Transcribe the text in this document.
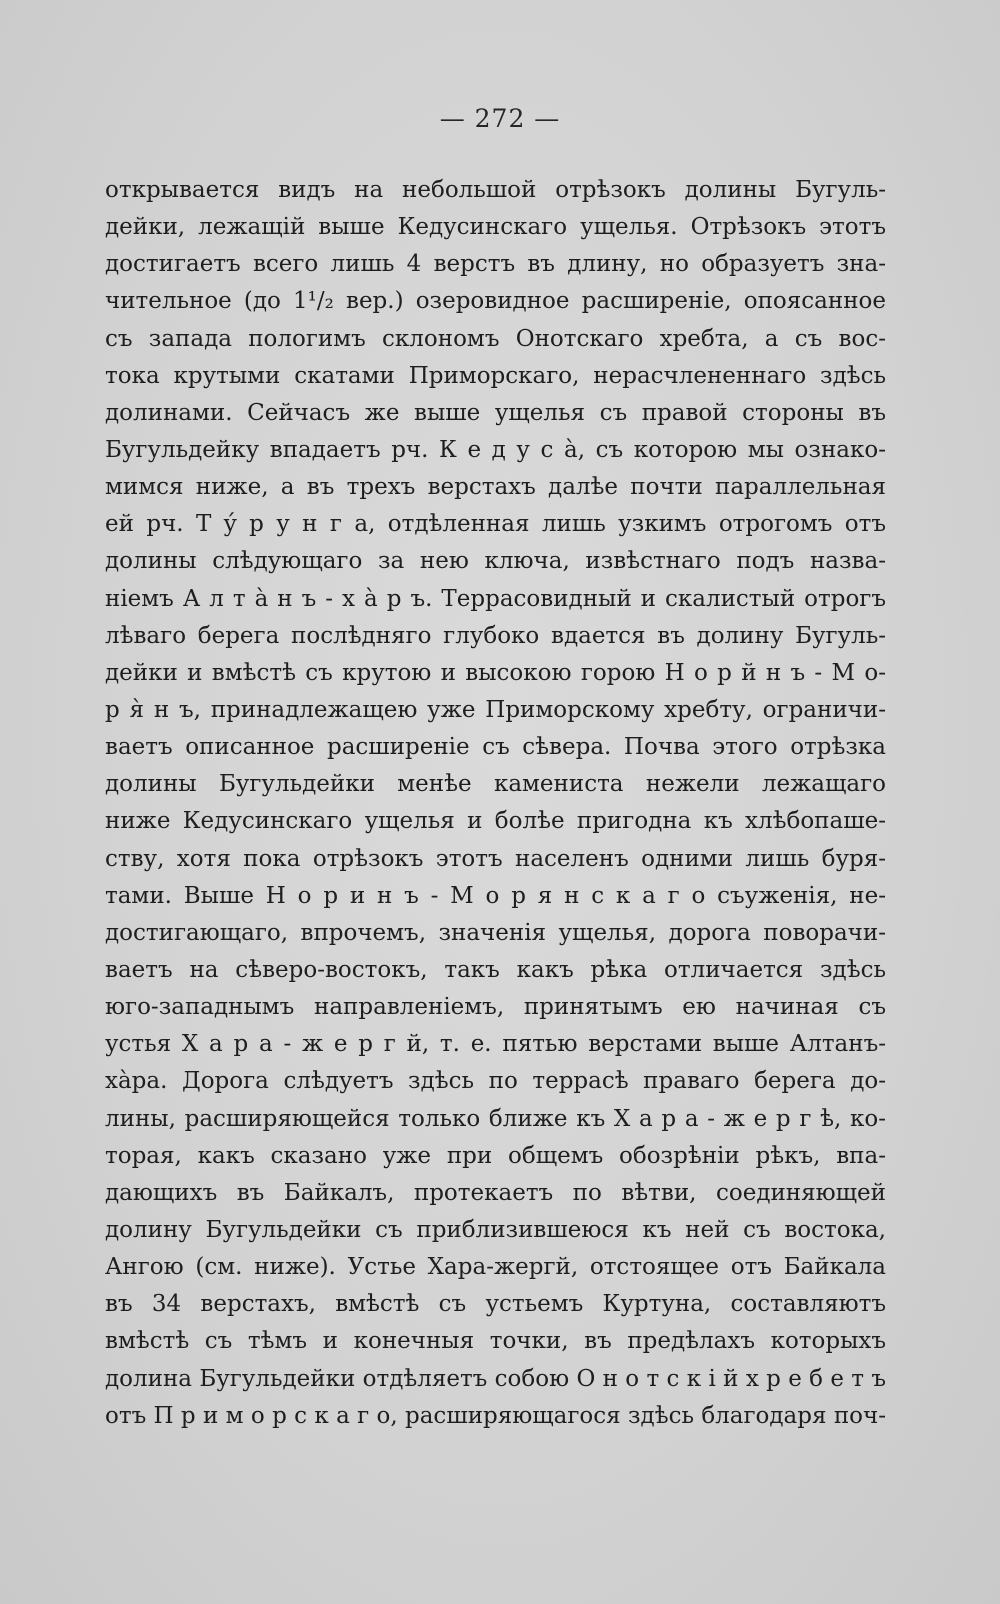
— 272 —
открывается видъ на небольшой отрѣзокъ долины Бугуль-
дейки, лежащій выше Кедусинскаго ущелья. Отрѣзокъ этотъ
достигаетъ всего лишь 4 верстъ въ длину, но образуетъ зна-
чительное (до 1¹/₂ вер.) озеровидное расширеніе, опоясанное
съ запада пологимъ склономъ Онотскаго хребта, а съ вос-
тока крутыми скатами Приморскаго, нерасчлененнаго здѣсь
долинами. Сейчасъ же выше ущелья съ правой стороны въ
Бугульдейку впадаетъ рч. К е д у с à, съ которою мы ознако-
мимся ниже, а въ трехъ верстахъ далѣе почти параллельная
ей рч. Т ý р у н г а, отдѣленная лишь узкимъ отрогомъ отъ
долины слѣдующаго за нею ключа, извѣстнаго подъ назва-
ніемъ А л т à н ъ - х à р ъ. Террасовидный и скалистый отрогъ
лѣваго берега послѣдняго глубоко вдается въ долину Бугуль-
дейки и вмѣстѣ съ крутою и высокою горою Н о р й н ъ - М о-
р я̀ н ъ, принадлежащею уже Приморскому хребту, ограничи-
ваетъ описанное расширеніе съ сѣвера. Почва этого отрѣзка
долины Бугульдейки менѣе камениста нежели лежащаго
ниже Кедусинскаго ущелья и болѣе пригодна къ хлѣбопаше-
ству, хотя пока отрѣзокъ этотъ населенъ одними лишь буря-
тами. Выше Н о р и н ъ - М о р я н с к а г о съуженія, не-
достигающаго, впрочемъ, значенія ущелья, дорога поворачи-
ваетъ на сѣверо-востокъ, такъ какъ рѣка отличается здѣсь
юго-западнымъ направленіемъ, принятымъ ею начиная съ
устья Х а р а - ж е р г й, т. е. пятью верстами выше Алтанъ-
хàра. Дорога слѣдуетъ здѣсь по террасѣ праваго берега до-
лины, расширяющейся только ближе къ Х а р а - ж е р г ѣ, ко-
торая, какъ сказано уже при общемъ обозрѣніи рѣкъ, впа-
дающихъ въ Байкалъ, протекаетъ по вѣтви, соединяющей
долину Бугульдейки съ приблизившеюся къ ней съ востока,
Ангою (см. ниже). Устье Хара-жергй, отстоящее отъ Байкала
въ 34 верстахъ, вмѣстѣ съ устьемъ Куртуна, составляютъ
вмѣстѣ съ тѣмъ и конечныя точки, въ предѣлахъ которыхъ
долина Бугульдейки отдѣляетъ собою О н о т с к і й х р е б е т ъ
отъ П р и м о р с к а г о, расширяющагося здѣсь благодаря поч-
